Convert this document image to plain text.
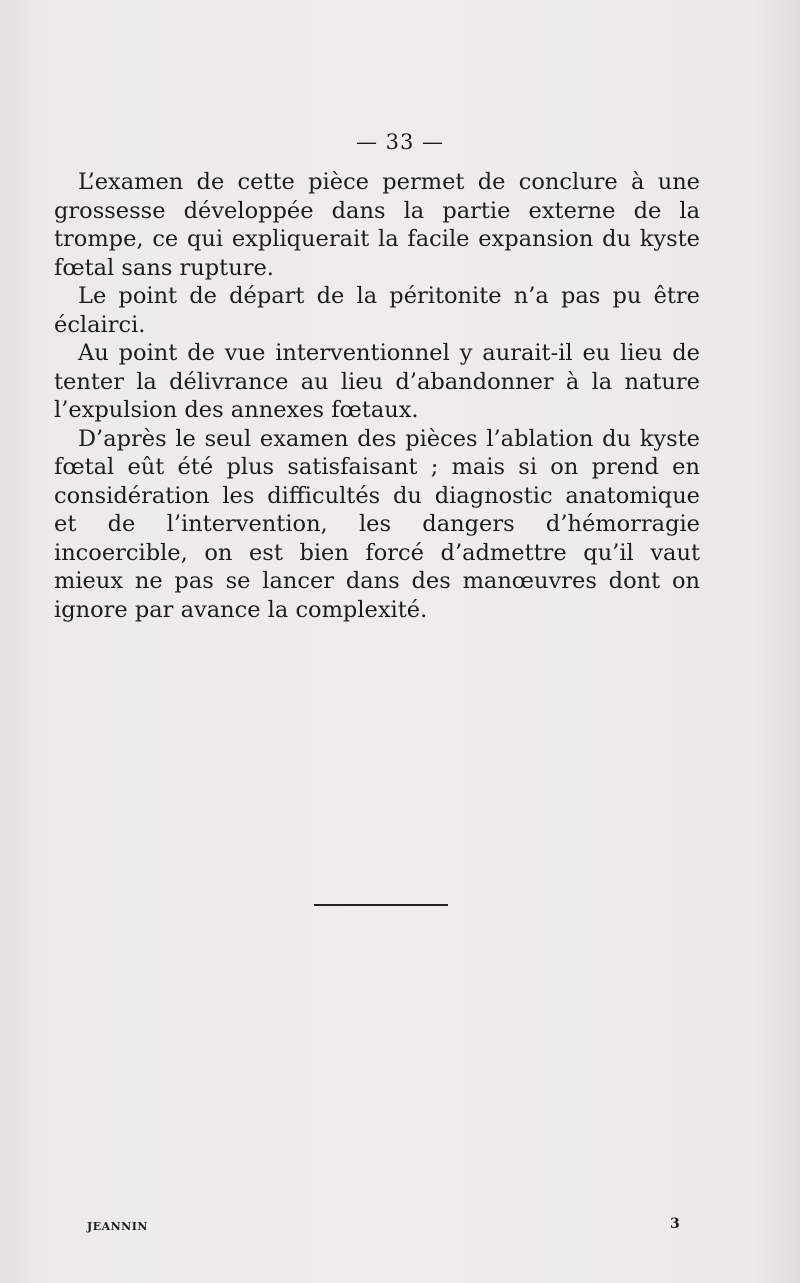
— 33 —

L’examen de cette pièce permet de conclure à une grossesse développée dans la partie externe de la trompe, ce qui expliquerait la facile expansion du kyste fœtal sans rupture.

Le point de départ de la péritonite n’a pas pu être éclairci.

Au point de vue interventionnel y aurait-il eu lieu de tenter la délivrance au lieu d’abandonner à la nature l’expulsion des annexes fœtaux.

D’après le seul examen des pièces l’ablation du kyste fœtal eût été plus satisfaisant ; mais si on prend en considération les difficultés du diagnostic anatomique et de l’intervention, les dangers d’hémorragie incoercible, on est bien forcé d’admettre qu’il vaut mieux ne pas se lancer dans des manœuvres dont on ignore par avance la complexité.

JEANNIN	3
